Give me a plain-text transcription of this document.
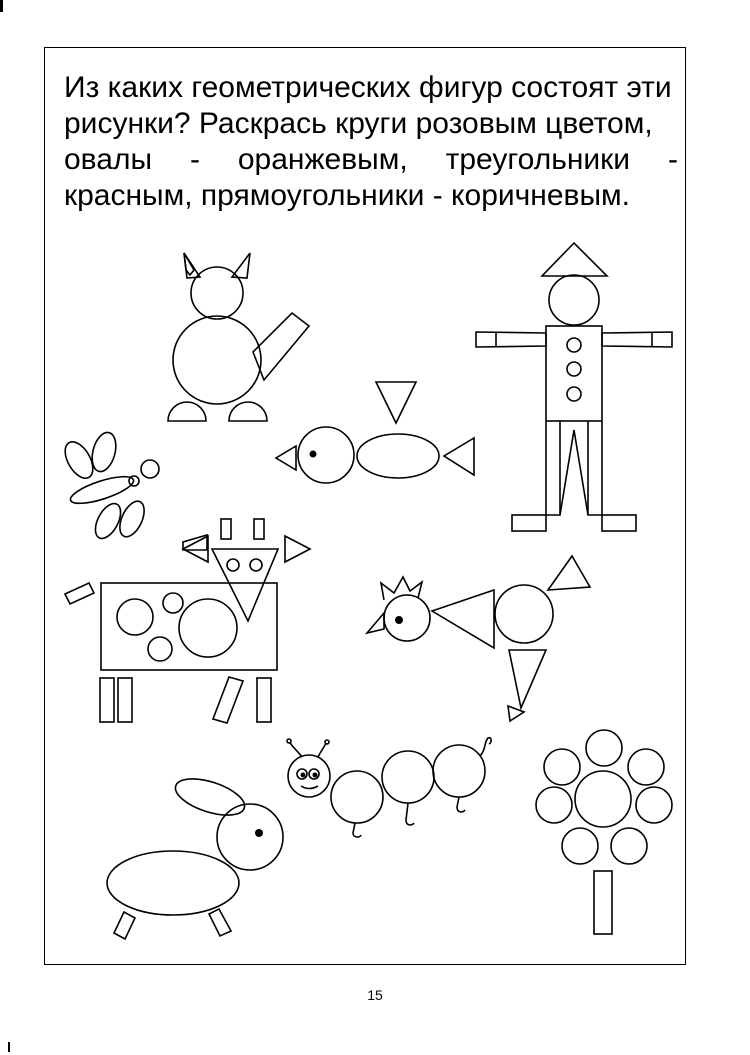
Из каких геометрических фигур состоят эти
рисунки? Раскрась круги розовым цветом,
овалы - оранжевым, треугольники -
красным, прямоугольники - коричневым.
15
